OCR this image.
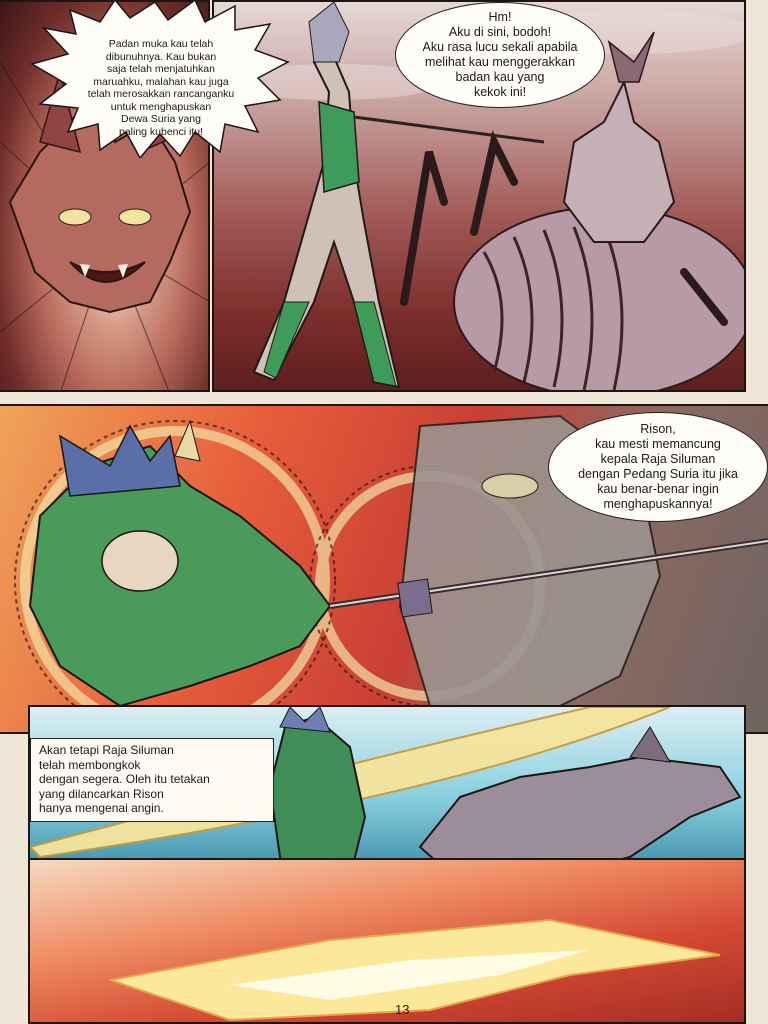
Padan muka kau telah
dibunuhnya. Kau bukan
saja telah menjatuhkan
maruahku, malahan kau juga
telah merosakkan rancanganku
untuk menghapuskan
Dewa Suria yang
paling kubenci itu!
Hm!
Aku di sini, bodoh!
Aku rasa lucu sekali apabila
melihat kau menggerakkan
badan kau yang
kekok ini!
Rison,
kau mesti memancung
kepala Raja Siluman
dengan Pedang Suria itu jika
kau benar-benar ingin
menghapuskannya!
Akan tetapi Raja Siluman
telah membongkok
dengan segera. Oleh itu tetakan
yang dilancarkan Rison
hanya mengenai angin.
13
